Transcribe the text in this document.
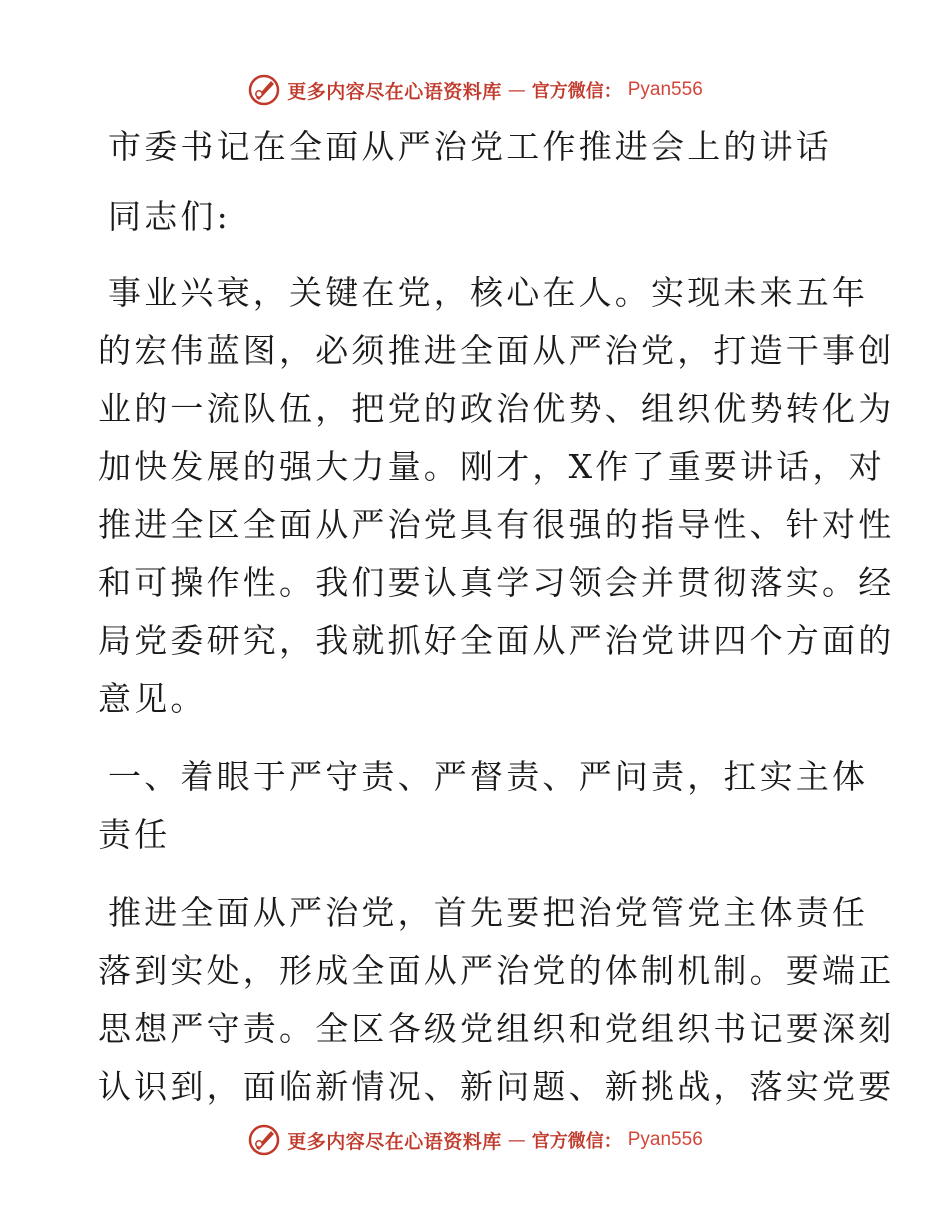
更多内容尽在心语资料库 — 官方微信： Pyan556
市委书记在全面从严治党工作推进会上的讲话
同志们:
事业兴衰，关键在党，核心在人。实现未来五年
的宏伟蓝图，必须推进全面从严治党，打造干事创
业的一流队伍，把党的政治优势、组织优势转化为
加快发展的强大力量。刚才，X作了重要讲话，对
推进全区全面从严治党具有很强的指导性、针对性
和可操作性。我们要认真学习领会并贯彻落实。经
局党委研究，我就抓好全面从严治党讲四个方面的
意见。
一、着眼于严守责、严督责、严问责，扛实主体
责任
推进全面从严治党，首先要把治党管党主体责任
落到实处，形成全面从严治党的体制机制。要端正
思想严守责。全区各级党组织和党组织书记要深刻
认识到，面临新情况、新问题、新挑战，落实党要
更多内容尽在心语资料库 — 官方微信： Pyan556
